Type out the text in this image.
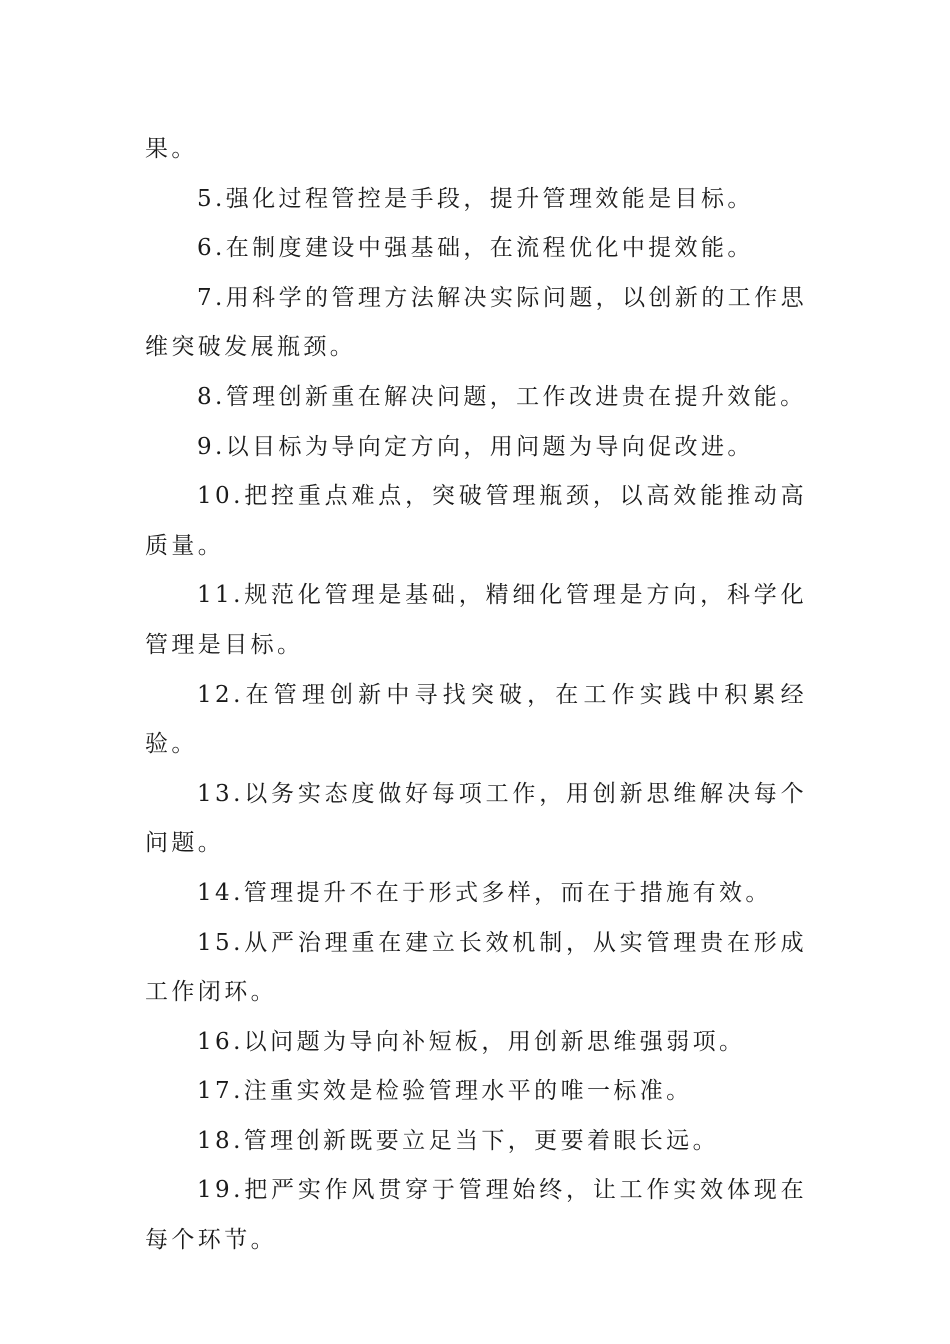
果。

5.强化过程管控是手段，提升管理效能是目标。

6.在制度建设中强基础，在流程优化中提效能。

7.用科学的管理方法解决实际问题，以创新的工作思维突破发展瓶颈。

8.管理创新重在解决问题，工作改进贵在提升效能。

9.以目标为导向定方向，用问题为导向促改进。

10.把控重点难点，突破管理瓶颈，以高效能推动高质量。

11.规范化管理是基础，精细化管理是方向，科学化管理是目标。

12.在管理创新中寻找突破，在工作实践中积累经验。

13.以务实态度做好每项工作，用创新思维解决每个问题。

14.管理提升不在于形式多样，而在于措施有效。

15.从严治理重在建立长效机制，从实管理贵在形成工作闭环。

16.以问题为导向补短板，用创新思维强弱项。

17.注重实效是检验管理水平的唯一标准。

18.管理创新既要立足当下，更要着眼长远。

19.把严实作风贯穿于管理始终，让工作实效体现在每个环节。
